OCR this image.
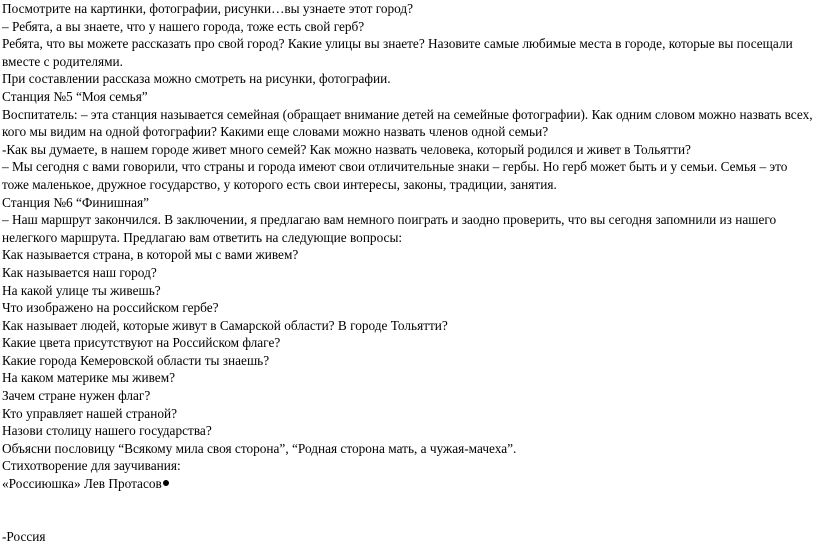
Посмотрите на картинки, фотографии, рисунки…вы узнаете этот город?

– Ребята, а вы знаете, что у нашего города, тоже есть свой герб?

Ребята, что вы можете рассказать про свой город? Какие улицы вы знаете? Назовите самые любимые места в городе, которые вы посещали вместе с родителями.

При составлении рассказа можно смотреть на рисунки, фотографии.

Станция №5 “Моя семья”

Воспитатель: – эта станция называется семейная (обращает внимание детей на семейные фотографии). Как одним словом можно назвать всех, кого мы видим на одной фотографии? Какими еще словами можно назвать членов одной семьи?

-Как вы думаете, в нашем городе живет много семей? Как можно назвать человека, который родился и живет в Тольятти?

– Мы сегодня с вами говорили, что страны и города имеют свои отличительные знаки – гербы. Но герб может быть и у семьи. Семья – это тоже маленькое, дружное государство, у которого есть свои интересы, законы, традиции, занятия.

Станция №6 “Финишная”

– Наш маршрут закончился. В заключении, я предлагаю вам немного поиграть и заодно проверить, что вы сегодня запомнили из нашего нелегкого маршрута. Предлагаю вам ответить на следующие вопросы:

Как называется страна, в которой мы с вами живем?

Как называется наш город?

На какой улице ты живешь?

Что изображено на российском гербе?

Как называет людей, которые живут в Самарской области? В городе Тольятти?

Какие цвета присутствуют на Российском флаге?

Какие города Кемеровской области ты знаешь?

На каком материке мы живем?

Зачем стране нужен флаг?

Кто управляет нашей страной?

Назови столицу нашего государства?

Объясни пословицу “Всякому мила своя сторона”, “Родная сторона мать, а чужая-мачеха”.

Стихотворение для заучивания:

«Россиюшка» Лев Протасов

-Россия
